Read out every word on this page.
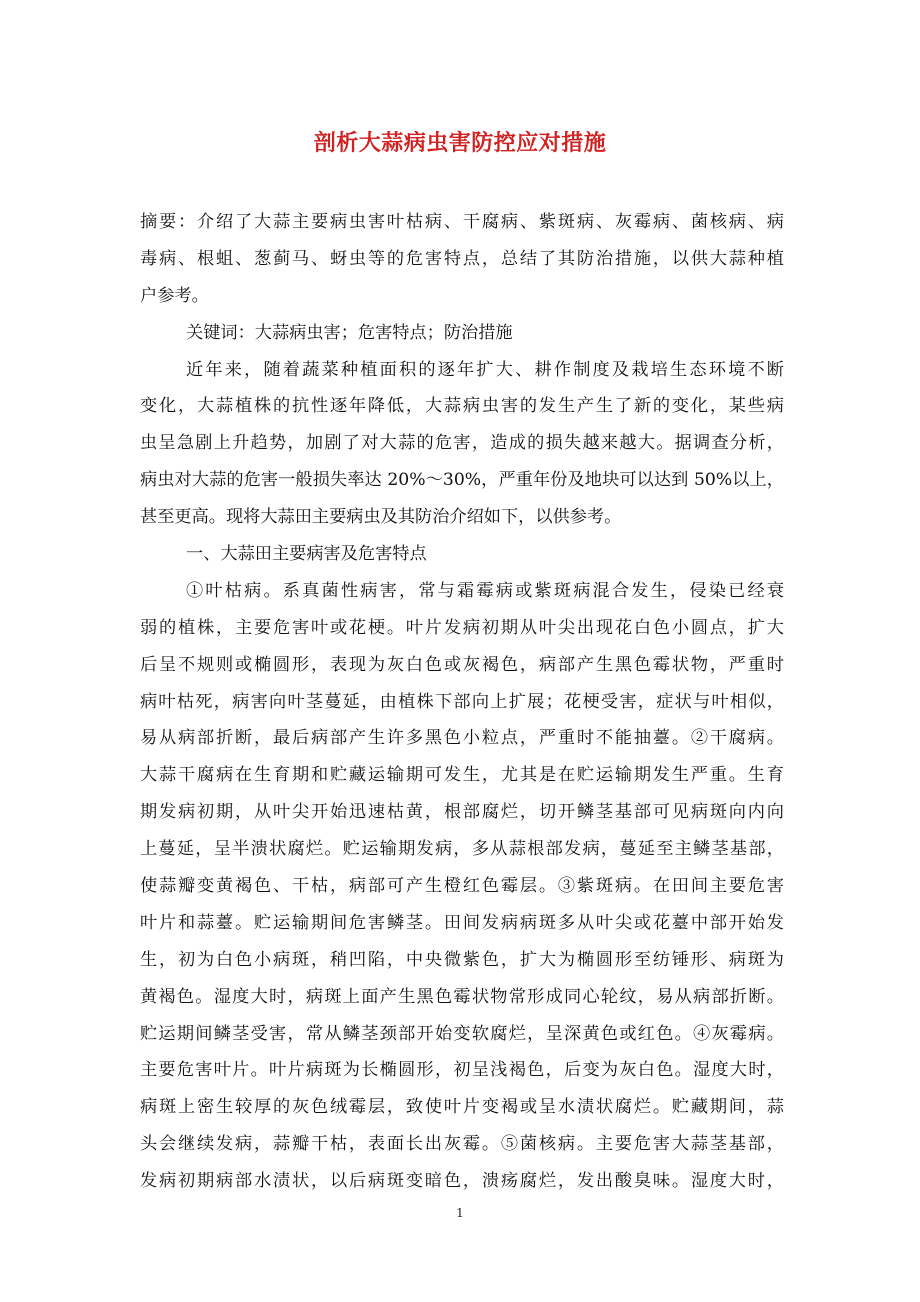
剖析大蒜病虫害防控应对措施
摘要：介绍了大蒜主要病虫害叶枯病、干腐病、紫斑病、灰霉病、菌核病、病
毒病、根蛆、葱蓟马、蚜虫等的危害特点，总结了其防治措施，以供大蒜种植
户参考。
关键词：大蒜病虫害；危害特点；防治措施
近年来，随着蔬菜种植面积的逐年扩大、耕作制度及栽培生态环境不断
变化，大蒜植株的抗性逐年降低，大蒜病虫害的发生产生了新的变化，某些病
虫呈急剧上升趋势，加剧了对大蒜的危害，造成的损失越来越大。据调查分析，
病虫对大蒜的危害一般损失率达 20%～30%，严重年份及地块可以达到 50%以上，
甚至更高。现将大蒜田主要病虫及其防治介绍如下，以供参考。
一、大蒜田主要病害及危害特点
①叶枯病。系真菌性病害，常与霜霉病或紫斑病混合发生，侵染已经衰
弱的植株，主要危害叶或花梗。叶片发病初期从叶尖出现花白色小圆点，扩大
后呈不规则或椭圆形，表现为灰白色或灰褐色，病部产生黑色霉状物，严重时
病叶枯死，病害向叶茎蔓延，由植株下部向上扩展；花梗受害，症状与叶相似，
易从病部折断，最后病部产生许多黑色小粒点，严重时不能抽薹。②干腐病。
大蒜干腐病在生育期和贮藏运输期可发生，尤其是在贮运输期发生严重。生育
期发病初期，从叶尖开始迅速枯黄，根部腐烂，切开鳞茎基部可见病斑向内向
上蔓延，呈半溃状腐烂。贮运输期发病，多从蒜根部发病，蔓延至主鳞茎基部，
使蒜瓣变黄褐色、干枯，病部可产生橙红色霉层。③紫斑病。在田间主要危害
叶片和蒜薹。贮运输期间危害鳞茎。田间发病病斑多从叶尖或花薹中部开始发
生，初为白色小病斑，稍凹陷，中央微紫色，扩大为椭圆形至纺锤形、病斑为
黄褐色。湿度大时，病斑上面产生黑色霉状物常形成同心轮纹，易从病部折断。
贮运期间鳞茎受害，常从鳞茎颈部开始变软腐烂，呈深黄色或红色。④灰霉病。
主要危害叶片。叶片病斑为长椭圆形，初呈浅褐色，后变为灰白色。湿度大时，
病斑上密生较厚的灰色绒霉层，致使叶片变褐或呈水渍状腐烂。贮藏期间，蒜
头会继续发病，蒜瓣干枯，表面长出灰霉。⑤菌核病。主要危害大蒜茎基部，
发病初期病部水渍状，以后病斑变暗色，溃疡腐烂，发出酸臭味。湿度大时，
1
